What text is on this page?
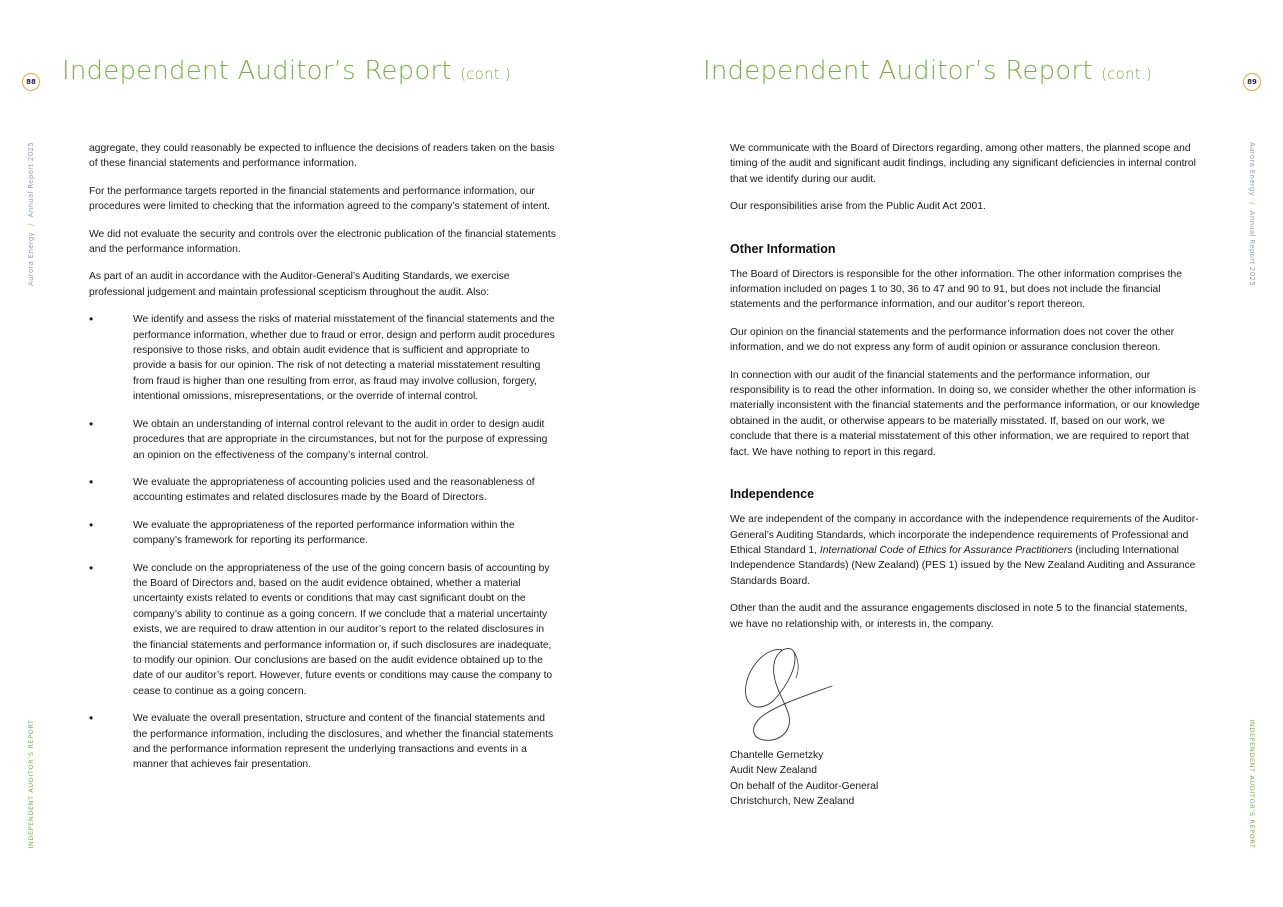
88 Independent Auditor’s Report (cont.)
Aurora Energy/Annual Report 2025
INDEPENDENT AUDITOR’S REPORT

aggregate, they could reasonably be expected to influence the decisions of readers taken on the basis of these financial statements and performance information.

For the performance targets reported in the financial statements and performance information, our procedures were limited to checking that the information agreed to the company’s statement of intent.

We did not evaluate the security and controls over the electronic publication of the financial statements and the performance information.

As part of an audit in accordance with the Auditor-General’s Auditing Standards, we exercise professional judgement and maintain professional scepticism throughout the audit. Also:

• We identify and assess the risks of material misstatement of the financial statements and the performance information, whether due to fraud or error, design and perform audit procedures responsive to those risks, and obtain audit evidence that is sufficient and appropriate to provide a basis for our opinion. The risk of not detecting a material misstatement resulting from fraud is higher than one resulting from error, as fraud may involve collusion, forgery, intentional omissions, misrepresentations, or the override of internal control.
• We obtain an understanding of internal control relevant to the audit in order to design audit procedures that are appropriate in the circumstances, but not for the purpose of expressing an opinion on the effectiveness of the company’s internal control.
• We evaluate the appropriateness of accounting policies used and the reasonableness of accounting estimates and related disclosures made by the Board of Directors.
• We evaluate the appropriateness of the reported performance information within the company’s framework for reporting its performance.
• We conclude on the appropriateness of the use of the going concern basis of accounting by the Board of Directors and, based on the audit evidence obtained, whether a material uncertainty exists related to events or conditions that may cast significant doubt on the company’s ability to continue as a going concern. If we conclude that a material uncertainty exists, we are required to draw attention in our auditor’s report to the related disclosures in the financial statements and performance information or, if such disclosures are inadequate, to modify our opinion. Our conclusions are based on the audit evidence obtained up to the date of our auditor’s report. However, future events or conditions may cause the company to cease to continue as a going concern.
• We evaluate the overall presentation, structure and content of the financial statements and the performance information, including the disclosures, and whether the financial statements and the performance information represent the underlying transactions and events in a manner that achieves fair presentation.
Independent Auditor’s Report (cont.)	89
Aurora Energy/Annual Report 2025
INDEPENDENT AUDITOR’S REPORT

We communicate with the Board of Directors regarding, among other matters, the planned scope and timing of the audit and significant audit findings, including any significant deficiencies in internal control that we identify during our audit.

Our responsibilities arise from the Public Audit Act 2001.

Other Information

The Board of Directors is responsible for the other information. The other information comprises the information included on pages 1 to 30, 36 to 47 and 90 to 91, but does not include the financial statements and the performance information, and our auditor’s report thereon.

Our opinion on the financial statements and the performance information does not cover the other information, and we do not express any form of audit opinion or assurance conclusion thereon.

In connection with our audit of the financial statements and the performance information, our responsibility is to read the other information. In doing so, we consider whether the other information is materially inconsistent with the financial statements and the performance information, or our knowledge obtained in the audit, or otherwise appears to be materially misstated. If, based on our work, we conclude that there is a material misstatement of this other information, we are required to report that fact. We have nothing to report in this regard.

Independence

We are independent of the company in accordance with the independence requirements of the Auditor-General’s Auditing Standards, which incorporate the independence requirements of Professional and Ethical Standard 1, International Code of Ethics for Assurance Practitioners (including International Independence Standards) (New Zealand) (PES 1) issued by the New Zealand Auditing and Assurance Standards Board.

Other than the audit and the assurance engagements disclosed in note 5 to the financial statements, we have no relationship with, or interests in, the company.

Chantelle Gernetzky

Audit New Zealand

On behalf of the Auditor-General

Christchurch, New Zealand
